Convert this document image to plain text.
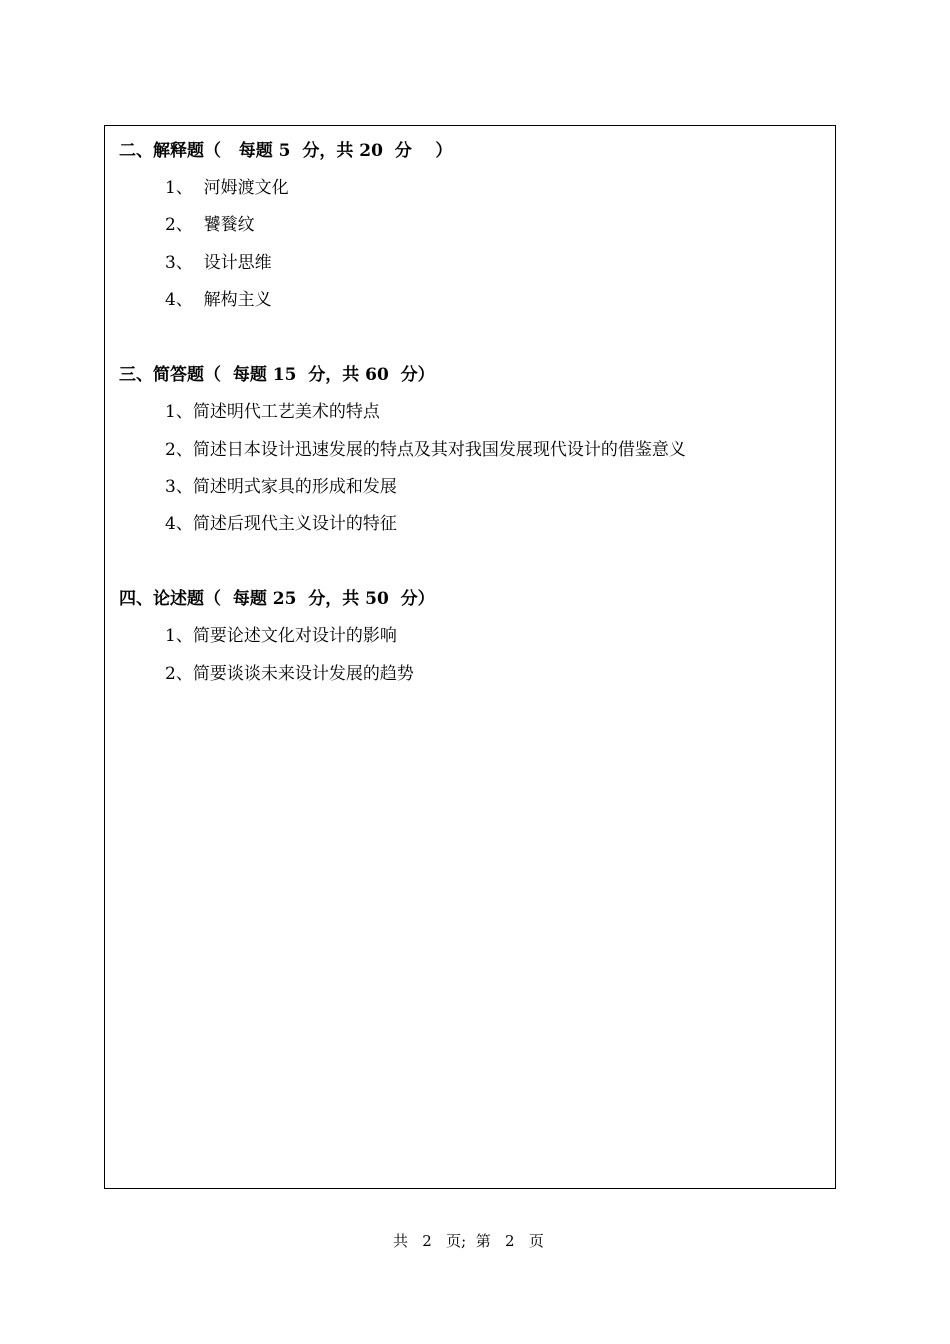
二、解释题（   每题 5  分，共 20  分    ）
1、  河姆渡文化
2、  饕餮纹
3、  设计思维
4、  解构主义
三、简答题（  每题 15  分，共 60  分）
1、简述明代工艺美术的特点
2、简述日本设计迅速发展的特点及其对我国发展现代设计的借鉴意义
3、简述明式家具的形成和发展
4、简述后现代主义设计的特征
四、论述题（  每题 25  分，共 50  分）
1、简要论述文化对设计的影响
2、简要谈谈未来设计发展的趋势

共   2   页;  第   2   页
